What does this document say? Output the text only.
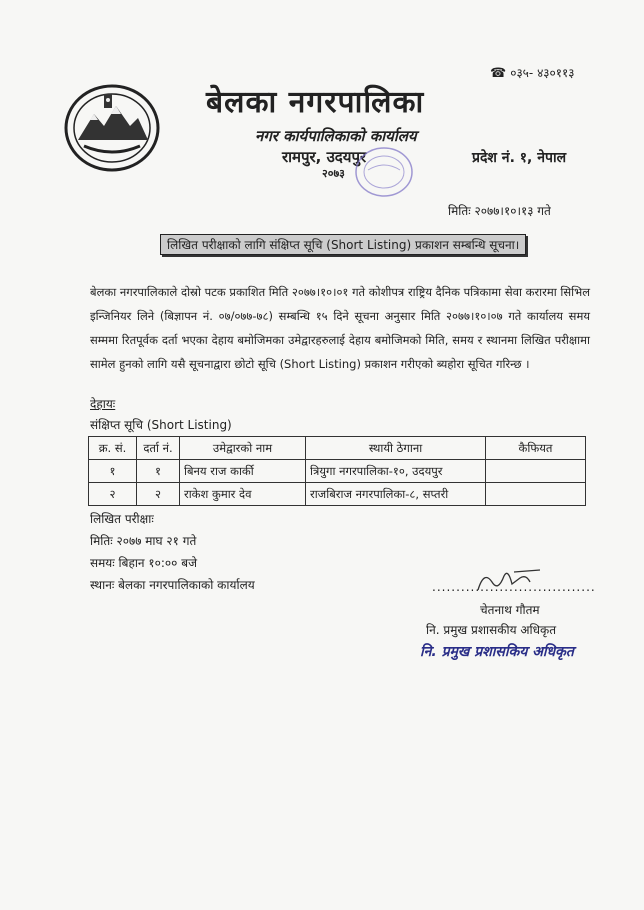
☎ ०३५- ४३०११३
बेलका नगरपालिका
नगर कार्यपालिकाको कार्यालय
रामपुर, उदयपुर
२०७३
प्रदेश नं. १, नेपाल
मितिः २०७७।१०।१३ गते
लिखित परीक्षाको लागि संक्षिप्त सूचि (Short Listing) प्रकाशन सम्बन्धि सूचना।
बेलका नगरपालिकाले दोस्रो पटक प्रकाशित मिति २०७७।१०।०१ गते कोशीपत्र राष्ट्रिय दैनिक पत्रिकामा सेवा करारमा सिभिल इन्जिनियर लिने (बिज्ञापन नं. ०७/०७७-७८) सम्बन्धि १५ दिने सूचना अनुसार मिति २०७७।१०।०७ गते कार्यालय समय सम्ममा रितपूर्वक दर्ता भएका देहाय बमोजिमका उमेद्वारहरुलाई देहाय बमोजिमको मिति, समय र स्थानमा लिखित परीक्षामा सामेल हुनको लागि यसै सूचनाद्वारा छोटो सूचि (Short Listing) प्रकाशन गरीएको ब्यहोरा सूचित गरिन्छ ।
देहायः
संक्षिप्त सूचि (Short Listing)
क्र. सं.	दर्ता नं.	उमेद्वारको नाम	स्थायी ठेगाना	कैफियत
१	१	बिनय राज कार्की	त्रियुगा नगरपालिका-१०, उदयपुर	
२	२	राकेश कुमार देव	राजबिराज नगरपालिका-८, सप्तरी	
लिखित परीक्षाः
मितिः २०७७ माघ २१ गते
समयः बिहान १०:०० बजे
स्थानः बेलका नगरपालिकाको कार्यालय	..................................
चेतनाथ गौतम
नि. प्रमुख प्रशासकीय अधिकृत
नि. प्रमुख प्रशासकिय अधिकृत
